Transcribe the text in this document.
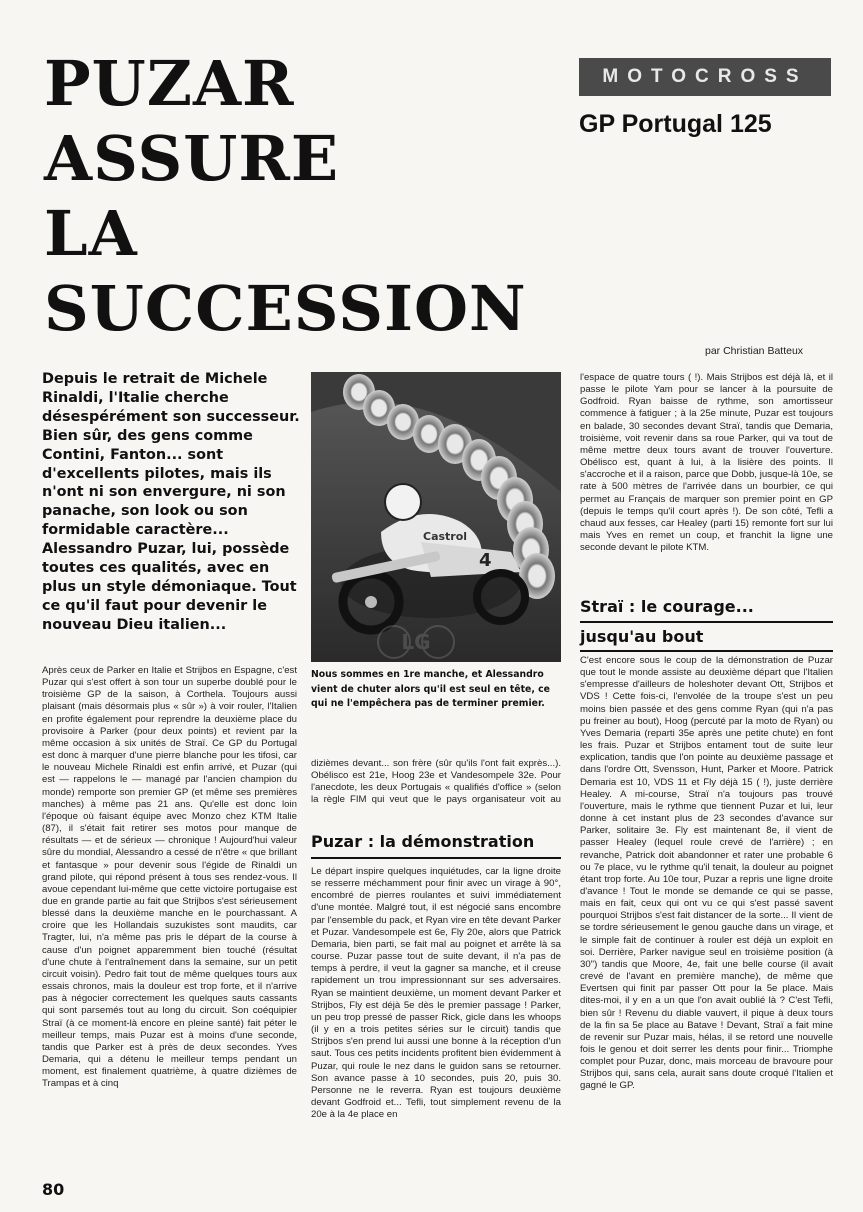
PUZAR
ASSURE
LA
SUCCESSION
MOTOCROSS
GP Portugal 125
par Christian Batteux

Depuis le retrait de Michele Rinaldi, l'Italie cherche désespérément son successeur. Bien sûr, des gens comme Contini, Fanton... sont d'excellents pilotes, mais ils n'ont ni son envergure, ni son panache, son look ou son formidable caractère... Alessandro Puzar, lui, possède toutes ces qualités, avec en plus un style démoniaque. Tout ce qu'il faut pour devenir le nouveau Dieu italien...

Après ceux de Parker en Italie et Strijbos en Espagne, c'est Puzar qui s'est offert à son tour un superbe doublé pour le troisième GP de la saison, à Corthela. Toujours aussi plaisant (mais désormais plus « sûr ») à voir rouler, l'Italien en profite également pour reprendre la deuxième place du provisoire à Parker (pour deux points) et revient par la même occasion à six unités de Straï. Ce GP du Portugal est donc à marquer d'une pierre blanche pour les tifosi, car le nouveau Michele Rinaldi est enfin arrivé, et Puzar (qui est — rappelons le — managé par l'ancien champion du monde) remporte son premier GP (et même ses premières manches) à même pas 21 ans. Qu'elle est donc loin l'époque où faisant équipe avec Monzo chez KTM Italie (87), il s'était fait retirer ses motos pour manque de résultats — et de sérieux — chronique ! Aujourd'hui valeur sûre du mondial, Alessandro a cessé de n'être « que brillant et fantasque » pour devenir sous l'égide de Rinaldi un grand pilote, qui répond présent à tous ses rendez-vous. Il avoue cependant lui-même que cette victoire portugaise est due en grande partie au fait que Strijbos s'est sérieusement blessé dans la deuxième manche en le pourchassant. A croire que les Hollandais suzukistes sont maudits, car Tragter, lui, n'a même pas pris le départ de la course à cause d'un poignet apparemment bien touché (résultat d'une chute à l'entraînement dans la semaine, sur un petit circuit voisin). Pedro fait tout de même quelques tours aux essais chronos, mais la douleur est trop forte, et il n'arrive pas à négocier correctement les quelques sauts cassants qui sont parsemés tout au long du circuit. Son coéquipier Straï (à ce moment-là encore en pleine santé) fait péter le meilleur temps, mais Puzar est à moins d'une seconde, tandis que Parker est à près de deux secondes. Yves Demaria, qui a détenu le meilleur temps pendant un moment, est finalement quatrième, à quatre dizièmes de Trampas et à cinq

Castrol
4
LG

Nous sommes en 1re manche, et Alessandro vient de chuter alors qu'il est seul en tête, ce qui ne l'empêchera pas de terminer premier.

dizièmes devant... son frère (sûr qu'ils l'ont fait exprès...). Obélisco est 21e, Hoog 23e et Vandesompele 32e. Pour l'anecdote, les deux Portugais « qualifiés d'office » (selon la règle FIM qui veut que le pays organisateur voit au

Puzar : la démonstration

Le départ inspire quelques inquiétudes, car la ligne droite se resserre méchamment pour finir avec un virage à 90°, encombré de pierres roulantes et suivi immédiatement d'une montée. Malgré tout, il est négocié sans encombre par l'ensemble du pack, et Ryan vire en tête devant Parker et Puzar. Vandesompele est 6e, Fly 20e, alors que Patrick Demaria, bien parti, se fait mal au poignet et arrête là sa course. Puzar passe tout de suite devant, il n'a pas de temps à perdre, il veut la gagner sa manche, et il creuse rapidement un trou impressionnant sur ses adversaires. Ryan se maintient deuxième, un moment devant Parker et Strijbos, Fly est déjà 5e dès le premier passage ! Parker, un peu trop pressé de passer Rick, gicle dans les whoops (il y en a trois petites séries sur le circuit) tandis que Strijbos s'en prend lui aussi une bonne à la réception d'un saut. Tous ces petits incidents profitent bien évidemment à Puzar, qui roule le nez dans le guidon sans se retourner. Son avance passe à 10 secondes, puis 20, puis 30. Personne ne le reverra. Ryan est toujours deuxième devant Godfroid et... Tefli, tout simplement revenu de la 20e à la 4e place en

l'espace de quatre tours ( !). Mais Strijbos est déjà là, et il passe le pilote Yam pour se lancer à la poursuite de Godfroid. Ryan baisse de rythme, son amortisseur commence à fatiguer ; à la 25e minute, Puzar est toujours en balade, 30 secondes devant Straï, tandis que Demaria, troisième, voit revenir dans sa roue Parker, qui va tout de même mettre deux tours avant de trouver l'ouverture. Obélisco est, quant à lui, à la lisière des points. Il s'accroche et il a raison, parce que Dobb, jusque-là 10e, se rate à 500 mètres de l'arrivée dans un bourbier, ce qui permet au Français de marquer son premier point en GP (depuis le temps qu'il court après !). De son côté, Tefli a chaud aux fesses, car Healey (parti 15) remonte fort sur lui mais Yves en remet un coup, et franchit la ligne une seconde devant le pilote KTM.

Straï : le courage...
jusqu'au bout

C'est encore sous le coup de la démonstration de Puzar que tout le monde assiste au deuxième départ que l'Italien s'empresse d'ailleurs de holeshoter devant Ott, Strijbos et VDS ! Cette fois-ci, l'envolée de la troupe s'est un peu moins bien passée et des gens comme Ryan (qui n'a pas pu freiner au bout), Hoog (percuté par la moto de Ryan) ou Yves Demaria (reparti 35e après une petite chute) en font les frais. Puzar et Strijbos entament tout de suite leur explication, tandis que l'on pointe au deuxième passage et dans l'ordre Ott, Svensson, Hunt, Parker et Moore. Patrick Demaria est 10, VDS 11 et Fly déjà 15 ( !), juste derrière Healey. A mi-course, Straï n'a toujours pas trouvé l'ouverture, mais le rythme que tiennent Puzar et lui, leur donne à cet instant plus de 23 secondes d'avance sur Parker, solitaire 3e. Fly est maintenant 8e, il vient de passer Healey (lequel roule crevé de l'arrière) ; en revanche, Patrick doit abandonner et rater une probable 6 ou 7e place, vu le rythme qu'il tenait, la douleur au poignet étant trop forte. Au 10e tour, Puzar a repris une ligne droite d'avance ! Tout le monde se demande ce qui se passe, mais en fait, ceux qui ont vu ce qui s'est passé savent pourquoi Strijbos s'est fait distancer de la sorte... Il vient de se tordre sérieusement le genou gauche dans un virage, et le simple fait de continuer à rouler est déjà un exploit en soi. Derrière, Parker navigue seul en troisième position (à 30") tandis que Moore, 4e, fait une belle course (il avait crevé de l'avant en première manche), de même que Evertsen qui finit par passer Ott pour la 5e place. Mais dites-moi, il y en a un que l'on avait oublié là ? C'est Tefli, bien sûr ! Revenu du diable vauvert, il pique à deux tours de la fin sa 5e place au Batave ! Devant, Straï a fait mine de revenir sur Puzar mais, hélas, il se retord une nouvelle fois le genou et doit serrer les dents pour finir... Triomphe complet pour Puzar, donc, mais morceau de bravoure pour Strijbos qui, sans cela, aurait sans doute croqué l'Italien et gagné le GP.

80
